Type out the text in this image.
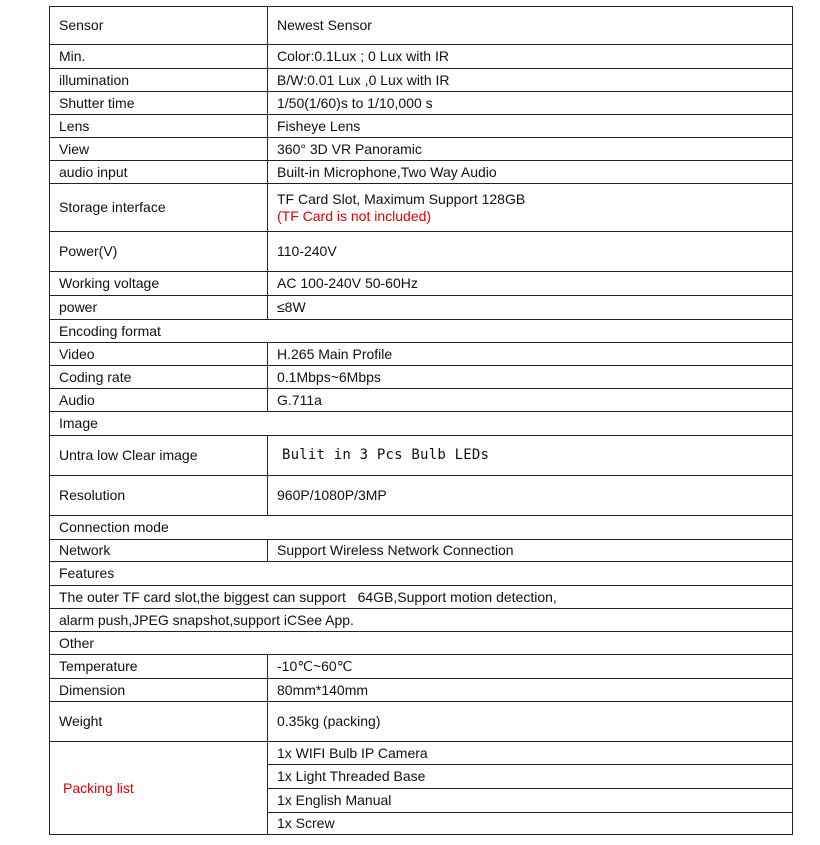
Sensor	Newest Sensor
Min.	Color:0.1Lux ; 0 Lux with IR
illumination	B/W:0.01 Lux ,0 Lux with IR
Shutter time	1/50(1/60)s to 1/10,000 s
Lens	Fisheye Lens
View	360° 3D VR Panoramic
audio input	Built-in Microphone,Two Way Audio
Storage interface	TF Card Slot, Maximum Support 128GB
(TF Card is not included)

Power(V)	110-240V
Working voltage	AC 100-240V 50-60Hz
power	≤8W
Encoding format	
Video	H.265 Main Profile
Coding rate	0.1Mbps~6Mbps
Audio	G.711a
Image	
Untra low Clear image	Bulit in 3 Pcs Bulb LEDs
Resolution	960P/1080P/3MP
Connection mode	
Network	Support Wireless Network Connection
Features	
The outer TF card slot,the biggest can support   64GB,Support motion detection,	
alarm push,JPEG snapshot,support iCSee App.	
Other	
Temperature	-10℃~60℃
Dimension	80mm*140mm
Weight	0.35kg (packing)
Packing list	1x WIFI Bulb IP Camera
	1x Light Threaded Base
	1x English Manual
	1x Screw
